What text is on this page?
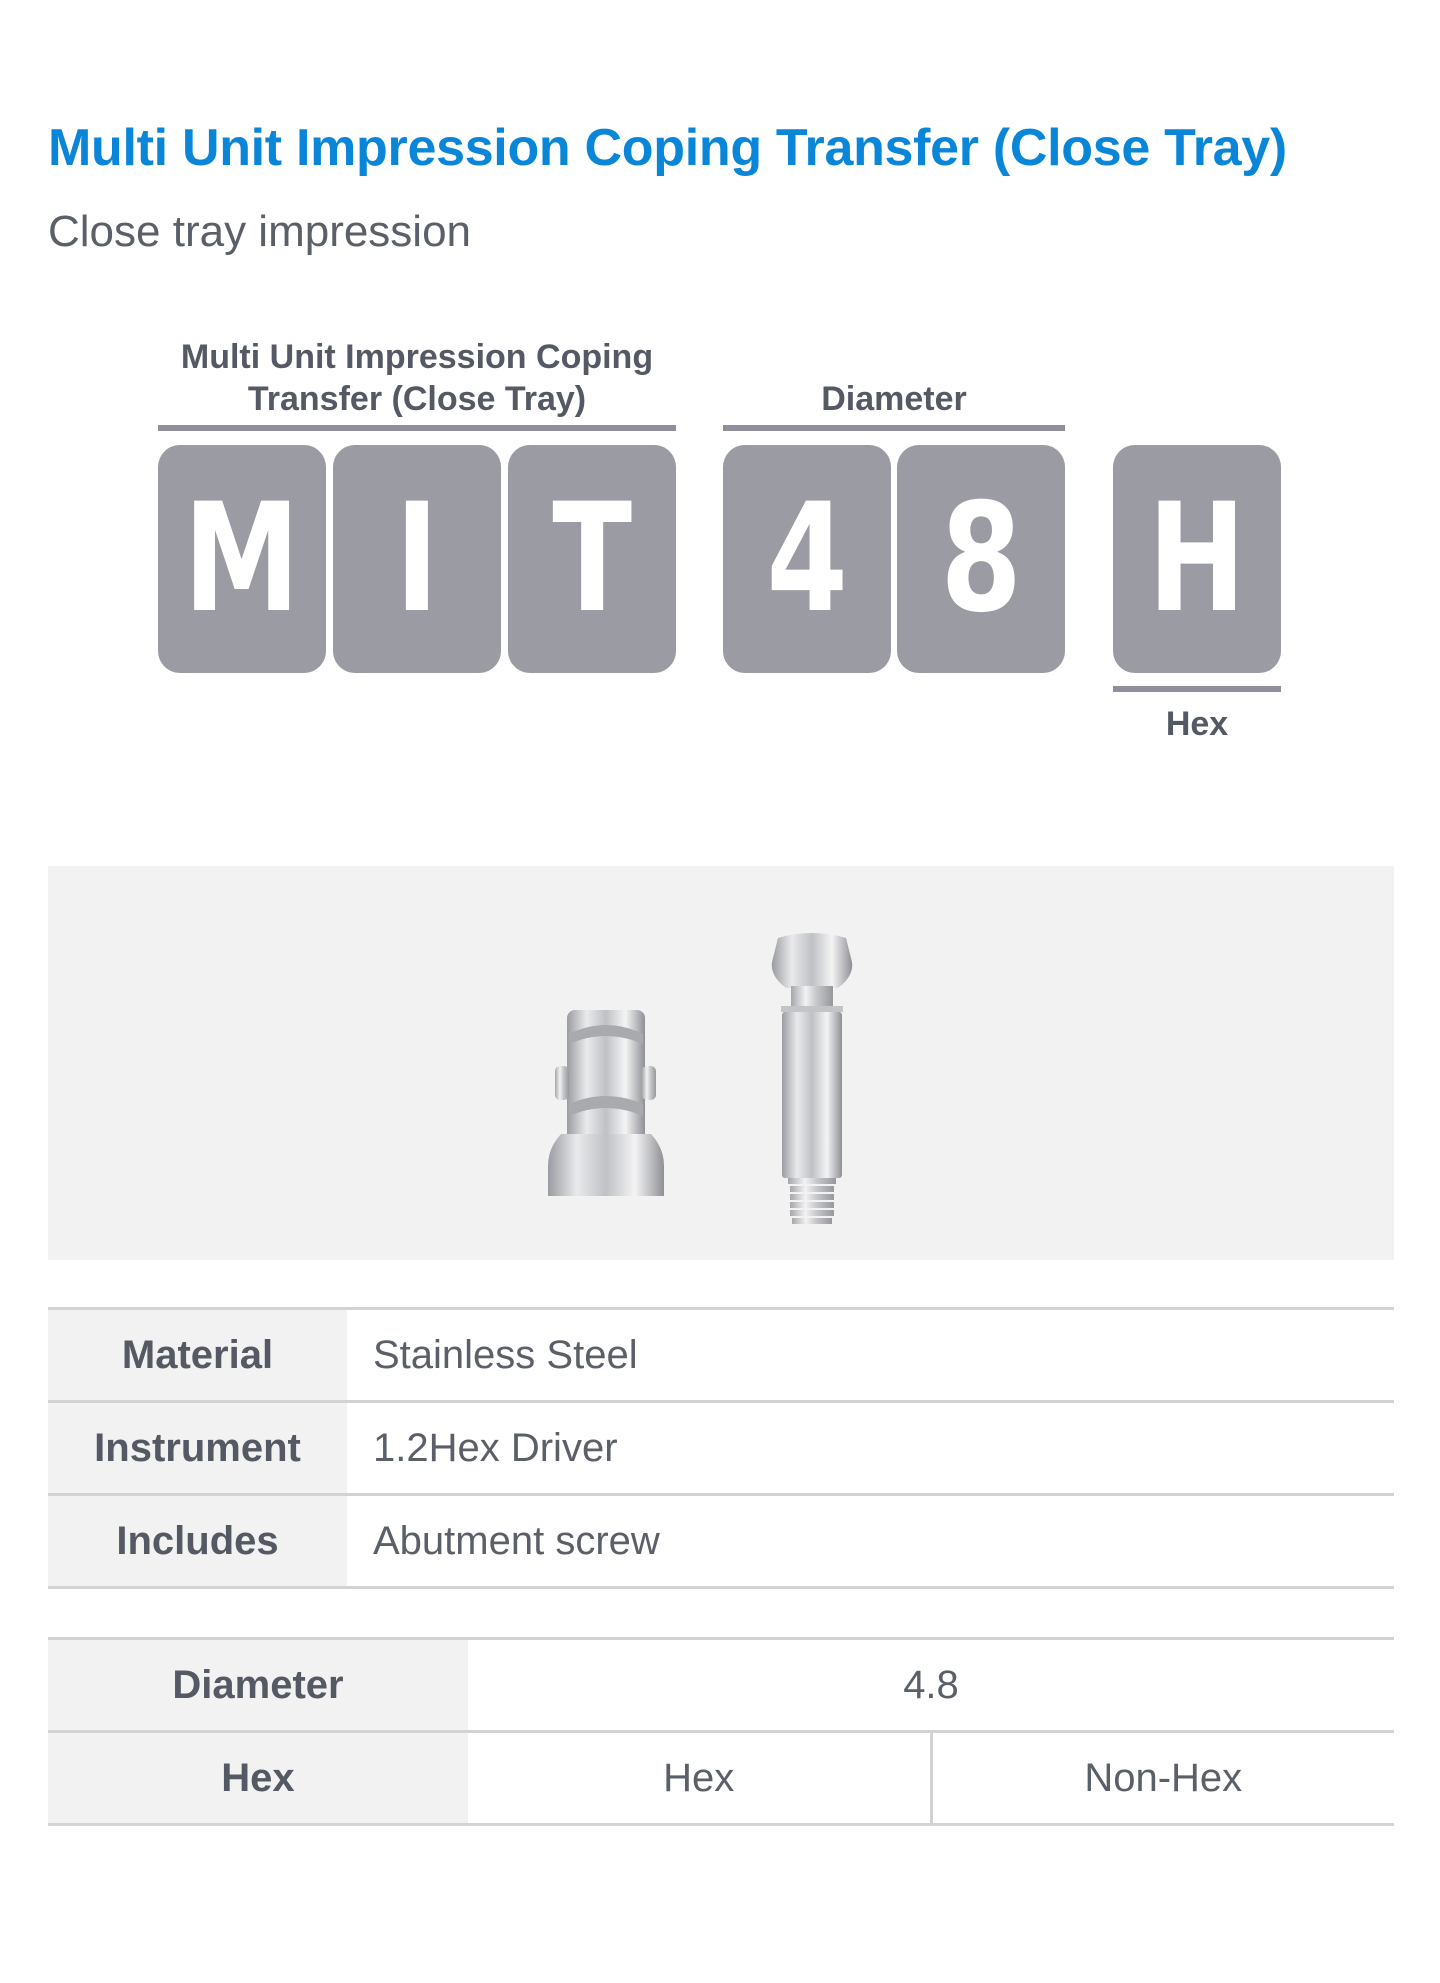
Multi Unit Impression Coping Transfer (Close Tray)
Close tray impression
Multi Unit Impression Coping
Transfer (Close Tray)	Diameter
M I T 4 8 H
Hex
Material	Stainless Steel
Instrument	1.2Hex Driver
Includes	Abutment screw
Diameter	4.8	
Hex	Hex	Non-Hex
